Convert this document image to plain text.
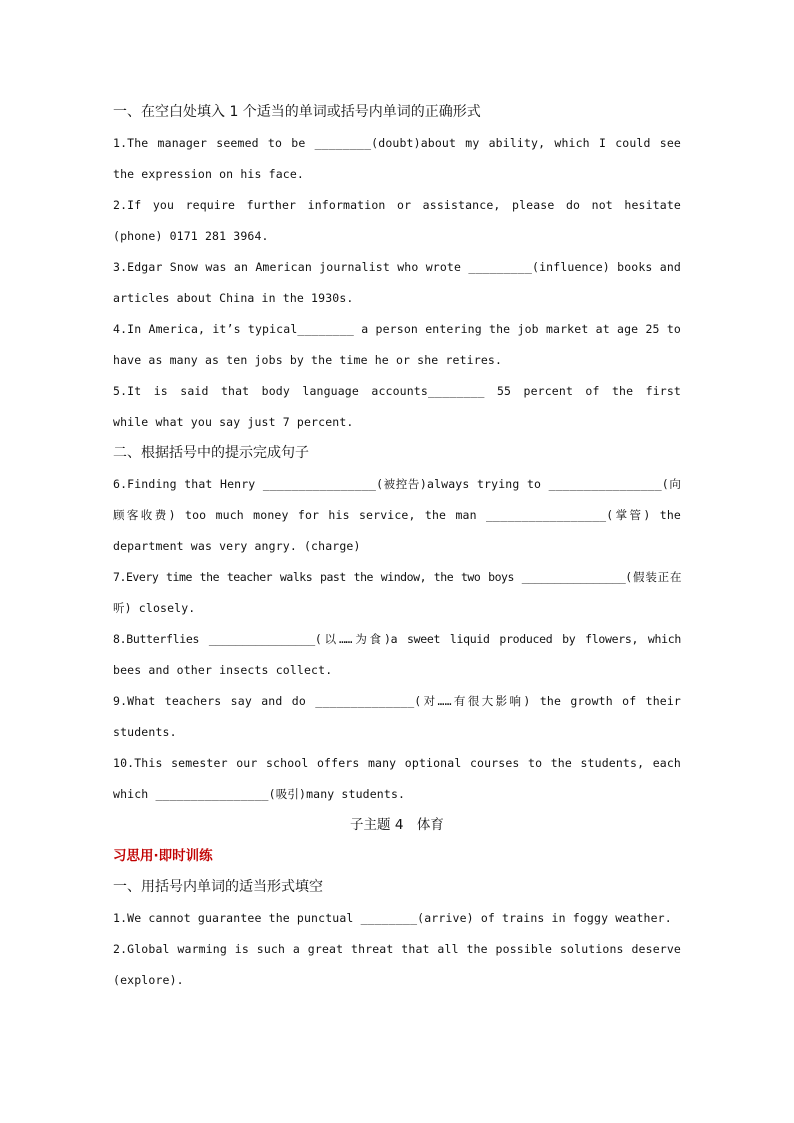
一、在空白处填入 1 个适当的单词或括号内单词的正确形式
1.The manager seemed to be ________(doubt)about my ability, which I could see
the expression on his face.
2.If you require further information or assistance, please do not hesitate
(phone) 0171 281 3964.
3.Edgar Snow was an American journalist who wrote _________(influence) books and
articles about China in the 1930s.
4.In America, it’s typical________ a person entering the job market at age 25 to
have as many as ten jobs by the time he or she retires.
5.It is said that body language accounts________ 55 percent of the first
while what you say just 7 percent.
二、根据括号中的提示完成句子
6.Finding that Henry ________________(被控告)always trying to ________________(向
顾客收费) too much money for his service, the man _________________(掌管) the
department was very angry. (charge)
7.Every time the teacher walks past the window, the two boys ________________(假装正在
听) closely.
8.Butterflies ________________(以……为食)a sweet liquid produced by flowers, which
bees and other insects collect.
9.What teachers say and do ______________(对……有很大影响) the growth of their
students.
10.This semester our school offers many optional courses to the students, each
which ________________(吸引)many students.
子主题 4　体育
习思用·即时训练
一、用括号内单词的适当形式填空
1.We cannot guarantee the punctual ________(arrive) of trains in foggy weather.
2.Global warming is such a great threat that all the possible solutions deserve
(explore).
